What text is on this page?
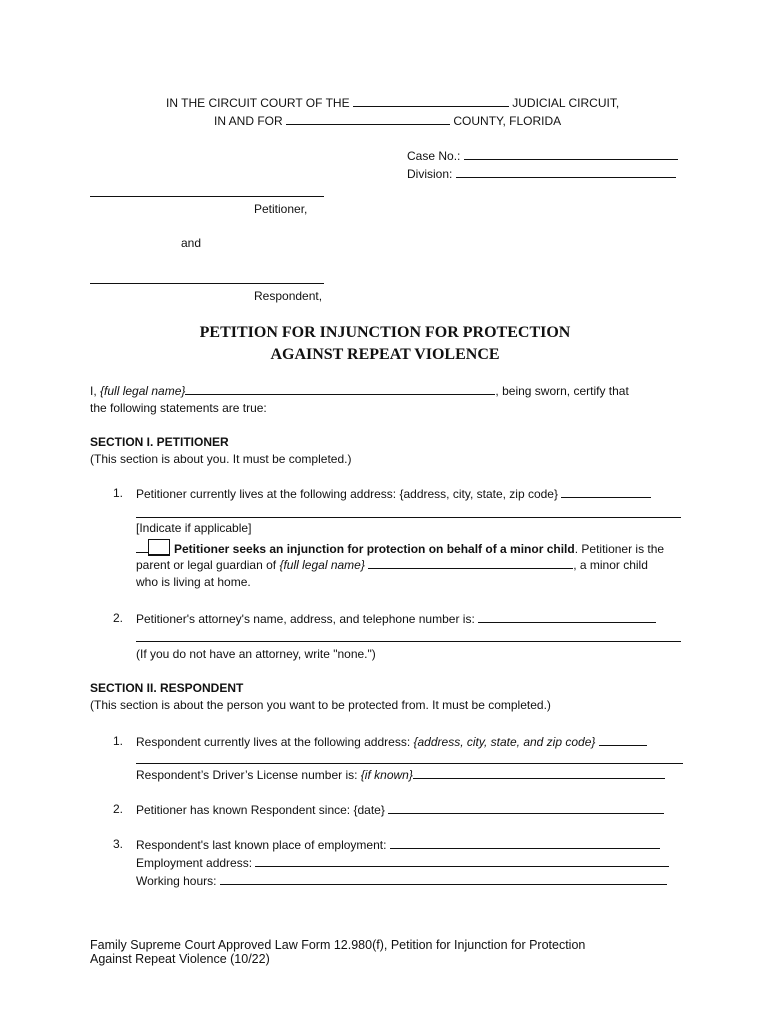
IN THE CIRCUIT COURT OF THE	JUDICIAL CIRCUIT,
IN AND FOR	COUNTY, FLORIDA
Case No.:
Division:
Petitioner,
and
Respondent,
PETITION FOR INJUNCTION FOR PROTECTION
AGAINST REPEAT VIOLENCE
I, {full legal name}	, being sworn, certify that
the following statements are true:
SECTION I. PETITIONER
(This section is about you. It must be completed.)
1. Petitioner currently lives at the following address: {address, city, state, zip code}
[Indicate if applicable]
Petitioner seeks an injunction for protection on behalf of a minor child. Petitioner is the
parent or legal guardian of {full legal name}	, a minor child
who is living at home.
2. Petitioner's attorney's name, address, and telephone number is:
(If you do not have an attorney, write "none.")
SECTION II. RESPONDENT
(This section is about the person you want to be protected from. It must be completed.)
1. Respondent currently lives at the following address: {address, city, state, and zip code}
Respondent’s Driver’s License number is: {if known}
2. Petitioner has known Respondent since: {date}
3. Respondent's last known place of employment:
Employment address:
Working hours:
Family Supreme Court Approved Law Form 12.980(f), Petition for Injunction for Protection
Against Repeat Violence (10/22)
